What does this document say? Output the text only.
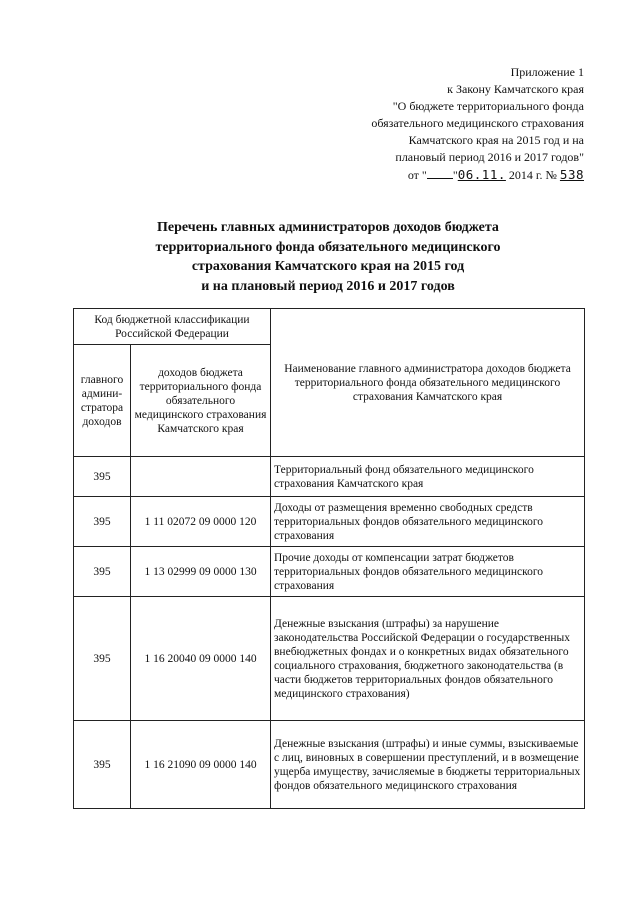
Приложение 1
к Закону Камчатского края
"О бюджете территориального фонда
обязательного медицинского страхования
Камчатского края на 2015 год и на
плановый период 2016 и 2017 годов"
от " "06.11. 2014 г. № 538
Перечень главных администраторов доходов бюджета
территориального фонда обязательного медицинского
страхования Камчатского края на 2015 год
и на плановый период 2016 и 2017 годов
Код бюджетной классификации Российской Федерации		Наименование главного администратора доходов бюджета территориального фонда обязательного медицинского страхования Камчатского края
главного админи-стратора доходов	доходов бюджета территориального фонда обязательного медицинского страхования Камчатского края	
395		Территориальный фонд обязательного медицинского страхования Камчатского края
395	1 11 02072 09 0000 120	Доходы от размещения временно свободных средств территориальных фондов обязательного медицинского страхования
395	1 13 02999 09 0000 130	Прочие доходы от компенсации затрат бюджетов территориальных фондов обязательного медицинского страхования
395	1 16 20040 09 0000 140	Денежные взыскания (штрафы) за нарушение законодательства Российской Федерации о государственных внебюджетных фондах и о конкретных видах обязательного социального страхования, бюджетного законодательства (в части бюджетов территориальных фондов обязательного медицинского страхования)
395	1 16 21090 09 0000 140	Денежные взыскания (штрафы) и иные суммы, взыскиваемые с лиц, виновных в совершении преступлений, и в возмещение ущерба имуществу, зачисляемые в бюджеты территориальных фондов обязательного медицинского страхования
